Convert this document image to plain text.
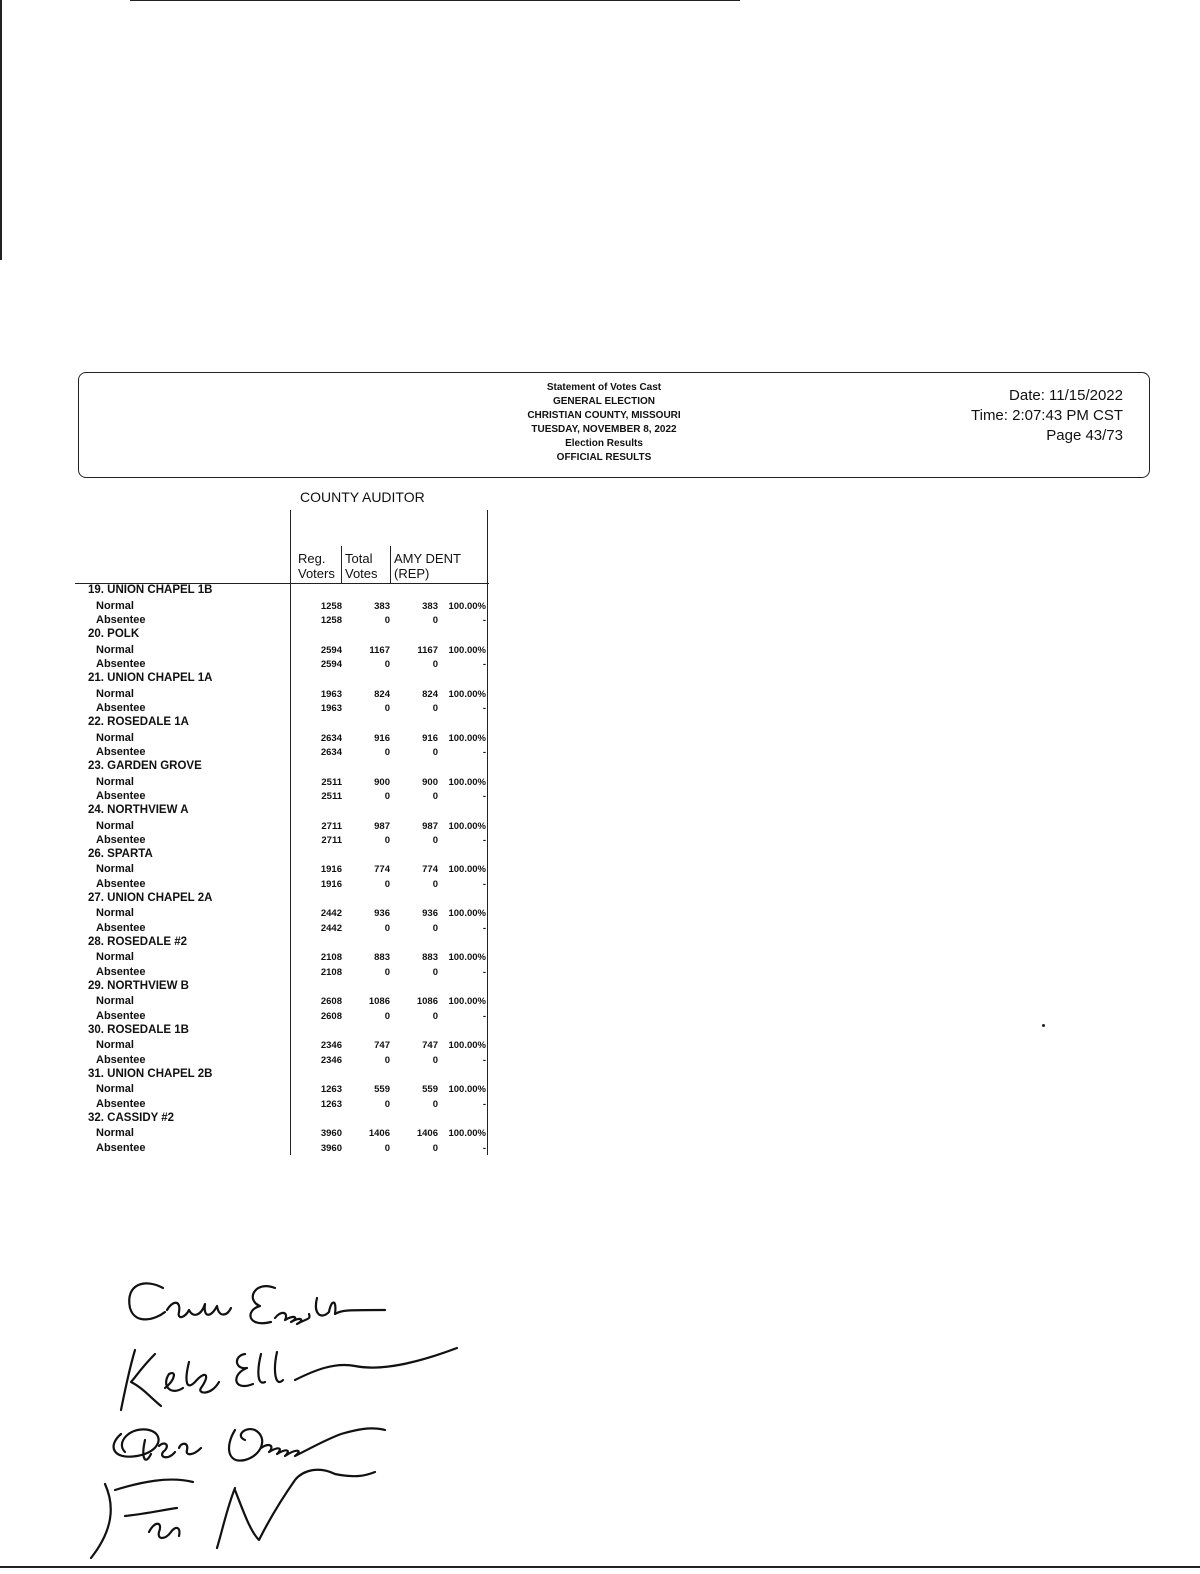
Statement of Votes Cast
GENERAL ELECTION
CHRISTIAN COUNTY, MISSOURI
TUESDAY, NOVEMBER 8, 2022
Election Results
OFFICIAL RESULTS
Date: 11/15/2022
Time: 2:07:43 PM CST
Page 43/73
COUNTY AUDITOR
Reg.
Voters
Total
Votes
AMY DENT
(REP)
19. UNION CHAPEL 1B
Normal	1258	383	383	100.00%
Absentee	1258	0	0	-
20. POLK
Normal	2594	1167	1167	100.00%
Absentee	2594	0	0	-
21. UNION CHAPEL 1A
Normal	1963	824	824	100.00%
Absentee	1963	0	0	-
22. ROSEDALE 1A
Normal	2634	916	916	100.00%
Absentee	2634	0	0	-
23. GARDEN GROVE
Normal	2511	900	900	100.00%
Absentee	2511	0	0	-
24. NORTHVIEW A
Normal	2711	987	987	100.00%
Absentee	2711	0	0	-
26. SPARTA
Normal	1916	774	774	100.00%
Absentee	1916	0	0	-
27. UNION CHAPEL 2A
Normal	2442	936	936	100.00%
Absentee	2442	0	0	-
28. ROSEDALE #2
Normal	2108	883	883	100.00%
Absentee	2108	0	0	-
29. NORTHVIEW B
Normal	2608	1086	1086	100.00%
Absentee	2608	0	0	-
30. ROSEDALE 1B
Normal	2346	747	747	100.00%
Absentee	2346	0	0	-
31. UNION CHAPEL 2B
Normal	1263	559	559	100.00%
Absentee	1263	0	0	-
32. CASSIDY #2
Normal	3960	1406	1406	100.00%
Absentee	3960	0	0	-
